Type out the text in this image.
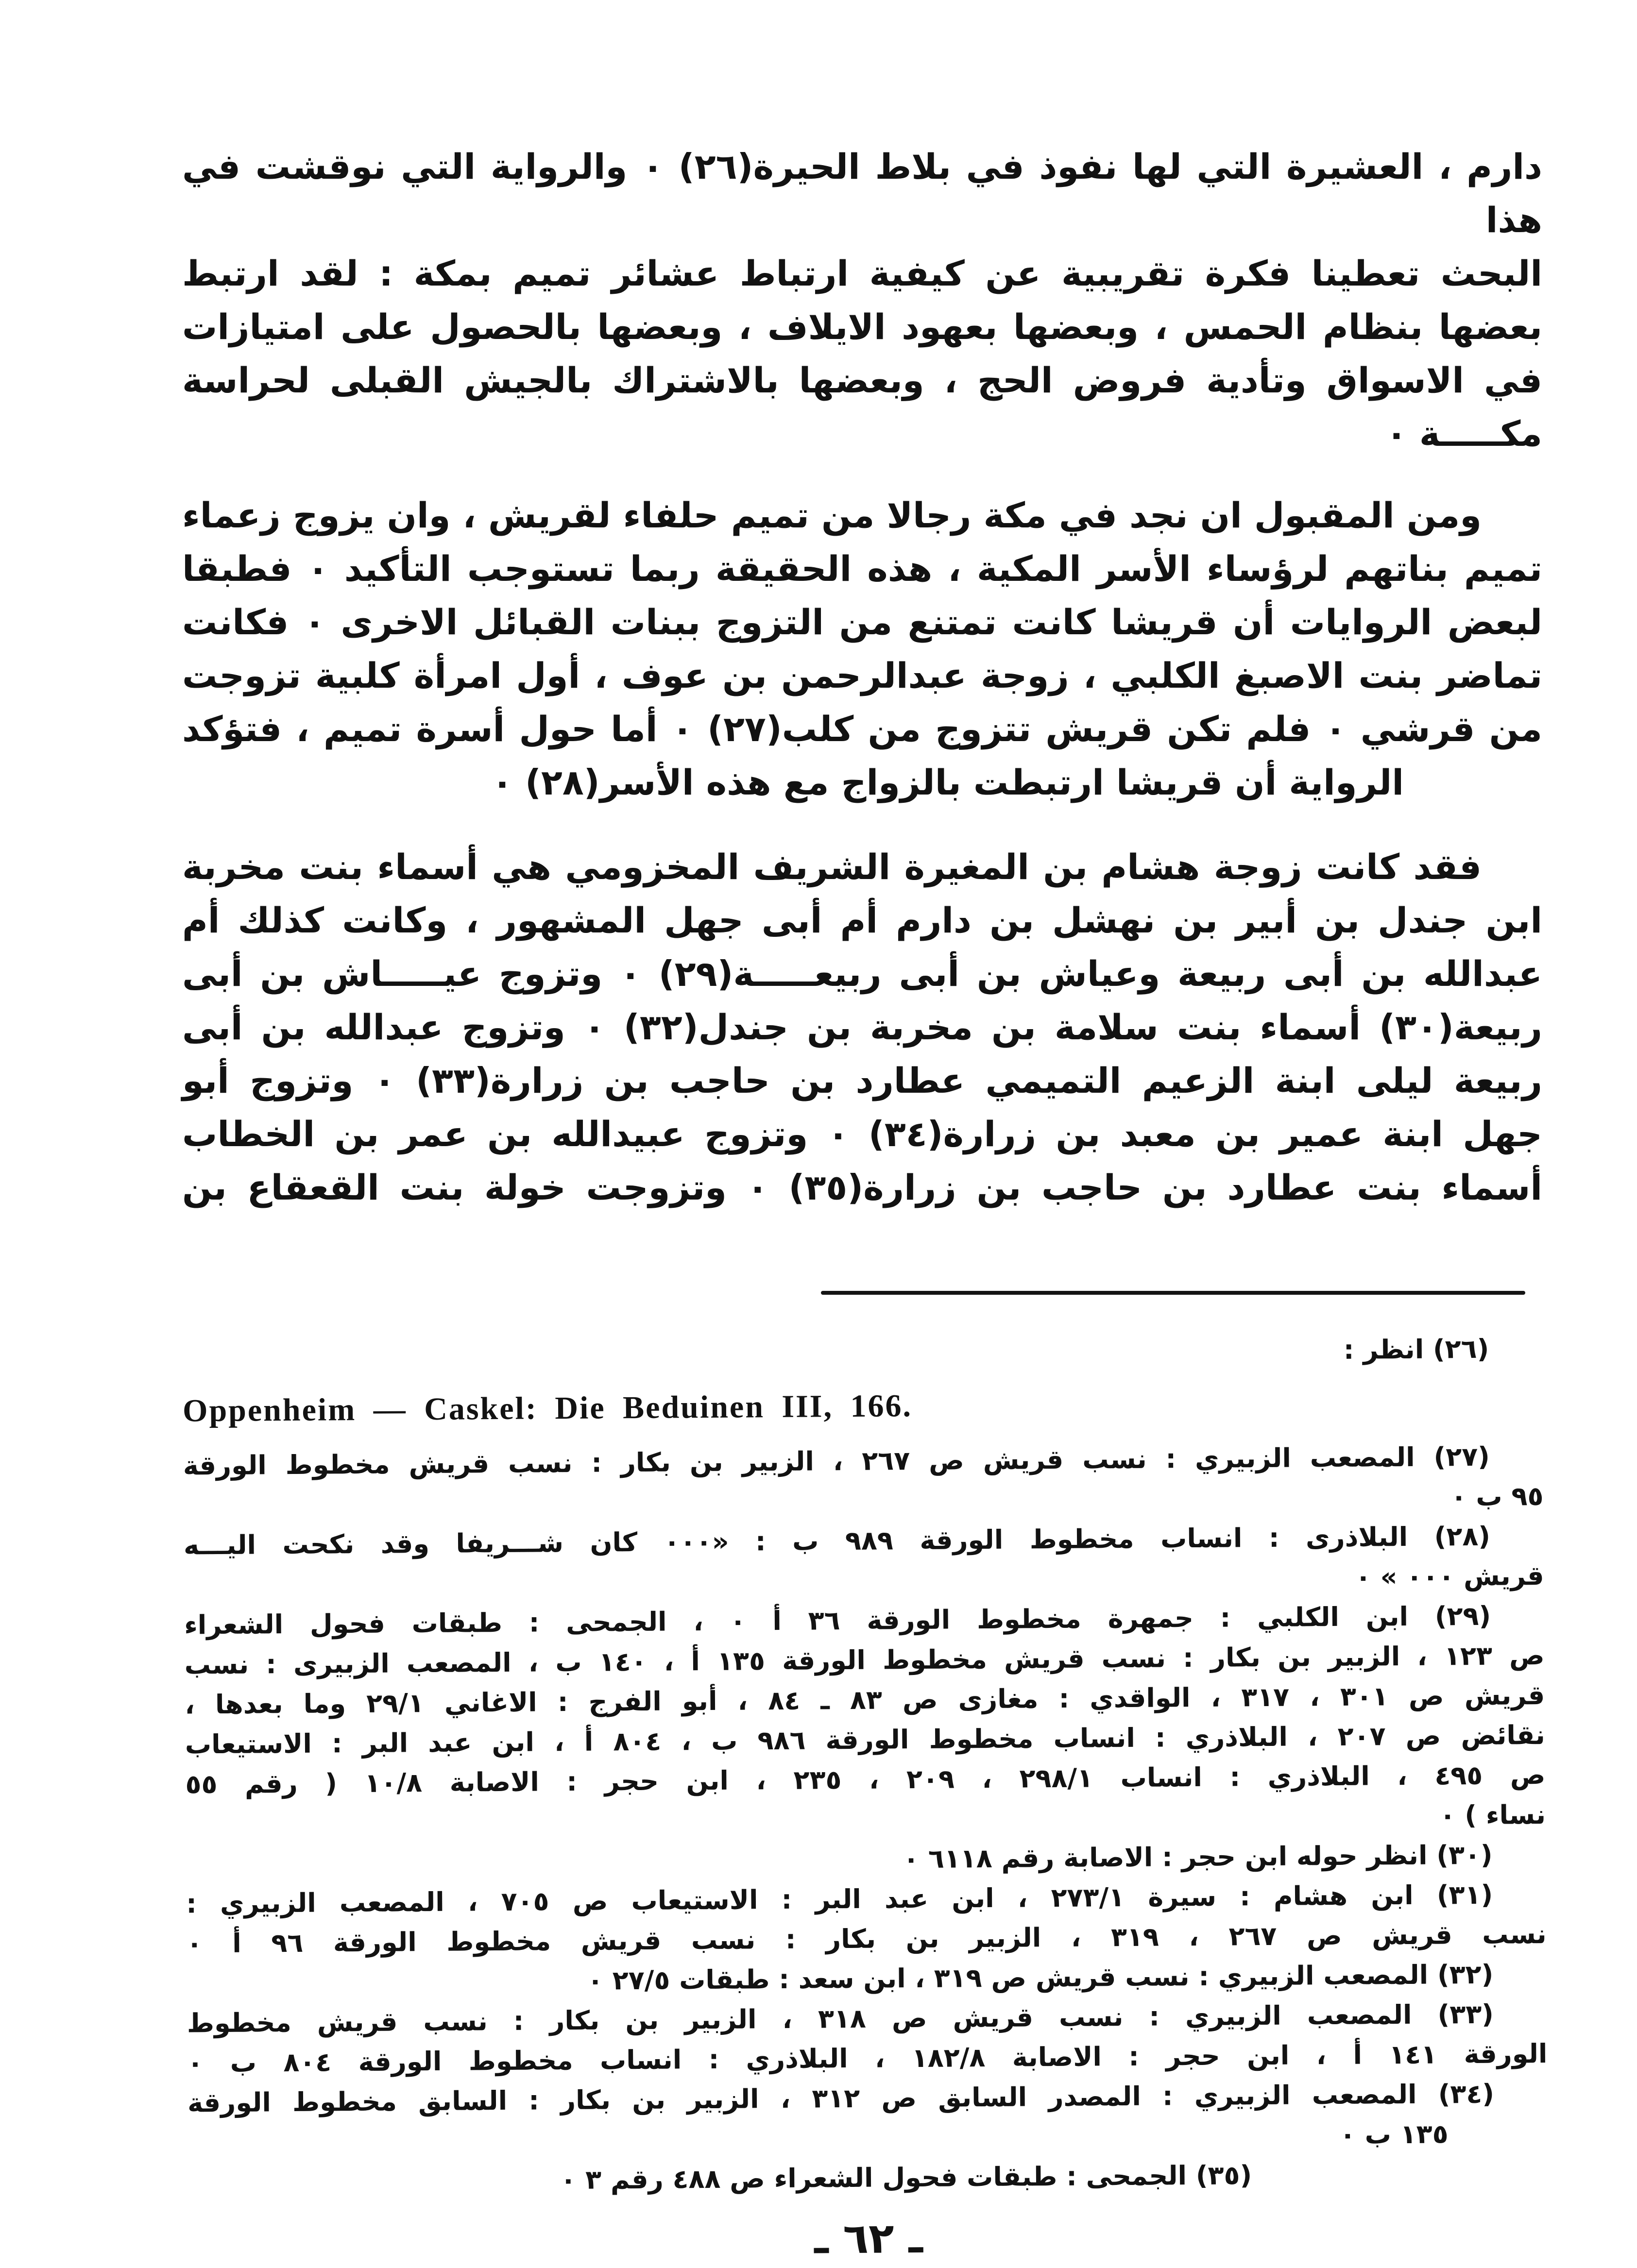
دارم ، العشيرة التي لها نفوذ في بلاط الحيرة(٢٦) ٠ والرواية التي نوقشت في هذا
البحث تعطينا فكرة تقريبية عن كيفية ارتباط عشائر تميم بمكة : لقد ارتبط
بعضها بنظام الحمس ، وبعضها بعهود الايلاف ، وبعضها بالحصول على امتيازات
في الاسواق وتأدية فروض الحج ، وبعضها بالاشتراك بالجيش القبلى لحراسة
مكـــــة ٠
ومن المقبول ان نجد في مكة رجالا من تميم حلفاء لقريش ، وان يزوج زعماء
تميم بناتهم لرؤساء الأسر المكية ، هذه الحقيقة ربما تستوجب التأكيد ٠ فطبقا
لبعض الروايات أن قريشا كانت تمتنع من التزوج ببنات القبائل الاخرى ٠ فكانت
تماضر بنت الاصبغ الكلبي ، زوجة عبدالرحمن بن عوف ، أول امرأة كلبية تزوجت
من قرشي ٠ فلم تكن قريش تتزوج من كلب(٢٧) ٠ أما حول أسرة تميم ، فتؤكد
الرواية أن قريشا ارتبطت بالزواج مع هذه الأسر(٢٨) ٠
فقد كانت زوجة هشام بن المغيرة الشريف المخزومي هي أسماء بنت مخربة
ابن جندل بن أبير بن نهشل بن دارم أم أبى جهل المشهور ، وكانت كذلك أم
عبدالله بن أبى ربيعة وعياش بن أبى ربيعـــــة(٢٩) ٠ وتزوج عيـــــاش بن أبى
ربيعة(٣٠) أسماء بنت سلامة بن مخربة بن جندل(٣٢) ٠ وتزوج عبدالله بن أبى
ربيعة ليلى ابنة الزعيم التميمي عطارد بن حاجب بن زرارة(٣٣) ٠ وتزوج أبو
جهل ابنة عمير بن معبد بن زرارة(٣٤) ٠ وتزوج عبيدالله بن عمر بن الخطاب
أسماء بنت عطارد بن حاجب بن زرارة(٣٥) ٠ وتزوجت خولة بنت القعقاع بن
(٢٦) انظر :
Oppenheim — Caskel: Die Beduinen III, 166.
(٢٧) المصعب الزبيري : نسب قريش ص ٢٦٧ ، الزبير بن بكار : نسب قريش مخطوط الورقة
٩٥ ب ٠
(٢٨) البلاذرى : انساب مخطوط الورقة ٩٨٩ ب : «٠٠٠ كان شـــريفا وقد نكحت اليـــه
قريش ٠٠٠ » ٠
(٢٩) ابن الكلبي : جمهرة مخطوط الورقة ٣٦ أ ٠ ، الجمحى : طبقات فحول الشعراء
ص ١٢٣ ، الزبير بن بكار : نسب قريش مخطوط الورقة ١٣٥ أ ، ١٤٠ ب ، المصعب الزبيرى : نسب
قريش ص ٣٠١ ، ٣١٧ ، الواقدي : مغازى ص ٨٣ ـ ٨٤ ، أبو الفرج : الاغاني ٢٩/١ وما بعدها ،
نقائض ص ٢٠٧ ، البلاذري : انساب مخطوط الورقة ٩٨٦ ب ، ٨٠٤ أ ، ابن عبد البر : الاستيعاب
ص ٤٩٥ ، البلاذري : انساب ٢٩٨/١ ، ٢٠٩ ، ٢٣٥ ، ابن حجر : الاصابة ١٠/٨ ( رقم ٥٥
نساء ) ٠
(٣٠) انظر حوله ابن حجر : الاصابة رقم ٦١١٨ ٠
(٣١) ابن هشام : سيرة ٢٧٣/١ ، ابن عبد البر : الاستيعاب ص ٧٠٥ ، المصعب الزبيري :
نسب قريش ص ٢٦٧ ، ٣١٩ ، الزبير بن بكار : نسب قريش مخطوط الورقة ٩٦ أ ٠
(٣٢) المصعب الزبيري : نسب قريش ص ٣١٩ ، ابن سعد : طبقات ٢٧/٥ ٠
(٣٣) المصعب الزبيري : نسب قريش ص ٣١٨ ، الزبير بن بكار : نسب قريش مخطوط
الورقة ١٤١ أ ، ابن حجر : الاصابة ١٨٢/٨ ، البلاذري : انساب مخطوط الورقة ٨٠٤ ب ٠
(٣٤) المصعب الزبيري : المصدر السابق ص ٣١٢ ، الزبير بن بكار : السابق مخطوط الورقة
١٣٥ ب ٠
(٣٥) الجمحى : طبقات فحول الشعراء ص ٤٨٨ رقم ٣ ٠
ـ ٦٢ ـ
